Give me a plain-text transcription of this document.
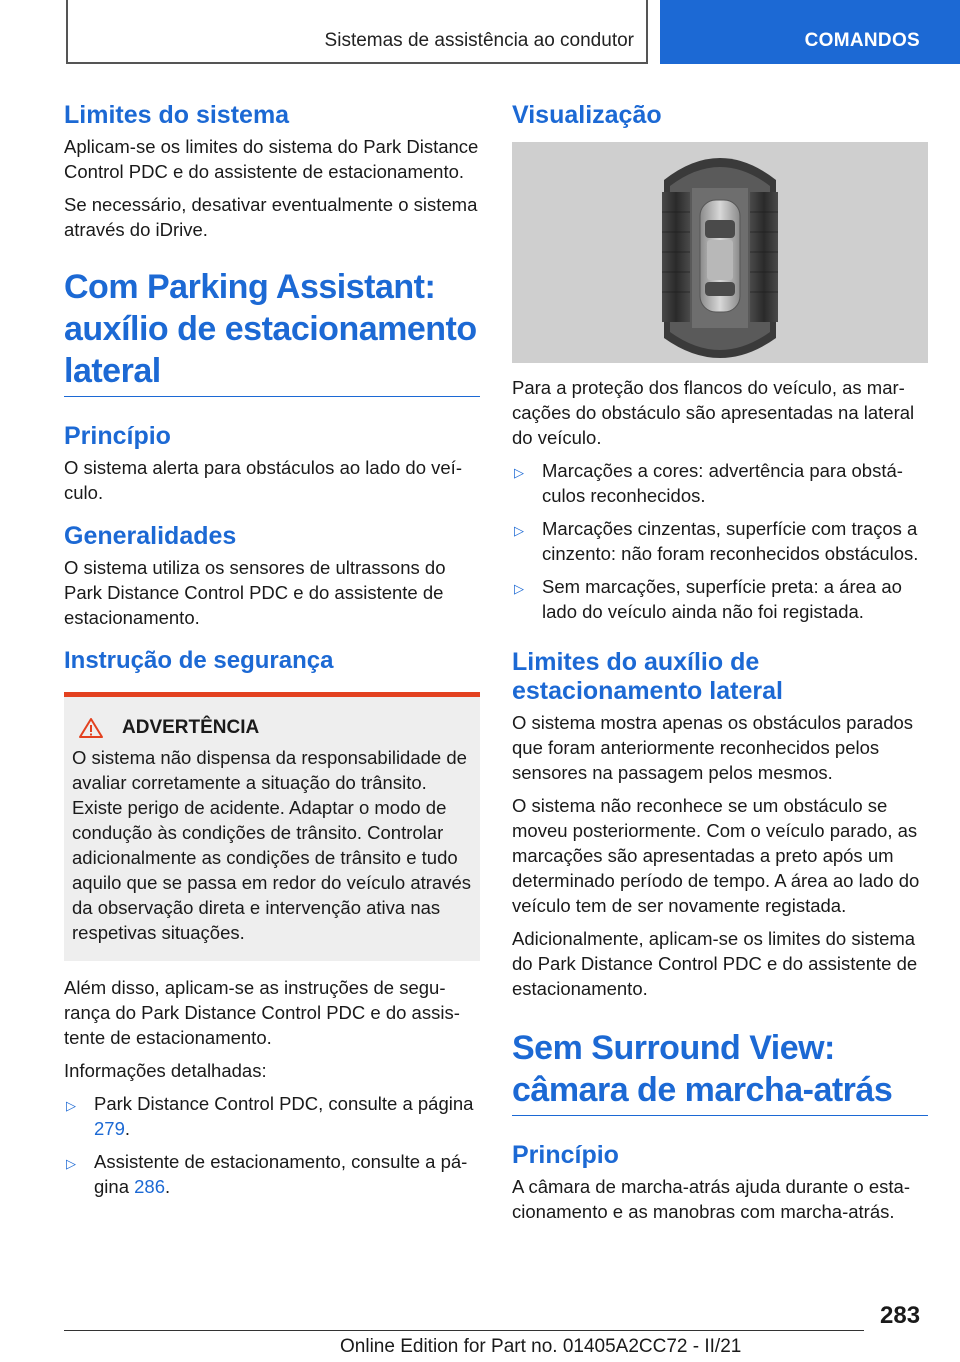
Sistemas de assistência ao condutor	COMANDOS
Limites do sistema

Aplicam-se os limites do sistema do Park Distance Control PDC e do assistente de estacionamento.

Se necessário, desativar eventualmente o sistema através do iDrive.

Com Parking Assistant: auxílio de estacionamento lateral
Princípio

O sistema alerta para obstáculos ao lado do veículo.

Generalidades

O sistema utiliza os sensores de ultrassons do Park Distance Control PDC e do assistente de estacionamento.

Instrução de segurança
ADVERTÊNCIA

O sistema não dispensa da responsabilidade de avaliar corretamente a situação do trânsito. Existe perigo de acidente. Adaptar o modo de condução às condições de trânsito. Controlar adicionalmente as condições de trânsito e tudo aquilo que se passa em redor do veículo através da observação direta e intervenção ativa nas respetivas situações.

Além disso, aplicam-se as instruções de segurança do Park Distance Control PDC e do assistente de estacionamento.

Informações detalhadas:

▷ Park Distance Control PDC, consulte a página 279.
▷ Assistente de estacionamento, consulte a página 286.
Visualização

Para a proteção dos flancos do veículo, as marcações do obstáculo são apresentadas na lateral do veículo.

▷ Marcações a cores: advertência para obstáculos reconhecidos.
▷ Marcações cinzentas, superfície com traços a cinzento: não foram reconhecidos obstáculos.
▷ Sem marcações, superfície preta: a área ao lado do veículo ainda não foi registada.
Limites do auxílio de estacionamento lateral

O sistema mostra apenas os obstáculos parados que foram anteriormente reconhecidos pelos sensores na passagem pelos mesmos.

O sistema não reconhece se um obstáculo se moveu posteriormente. Com o veículo parado, as marcações são apresentadas a preto após um determinado período de tempo. A área ao lado do veículo tem de ser novamente registada.

Adicionalmente, aplicam-se os limites do sistema do Park Distance Control PDC e do assistente de estacionamento.

Sem Surround View: câmara de marcha-atrás
Princípio

A câmara de marcha-atrás ajuda durante o estacionamento e as manobras com marcha-atrás.

283
Online Edition for Part no. 01405A2CC72 - II/21
